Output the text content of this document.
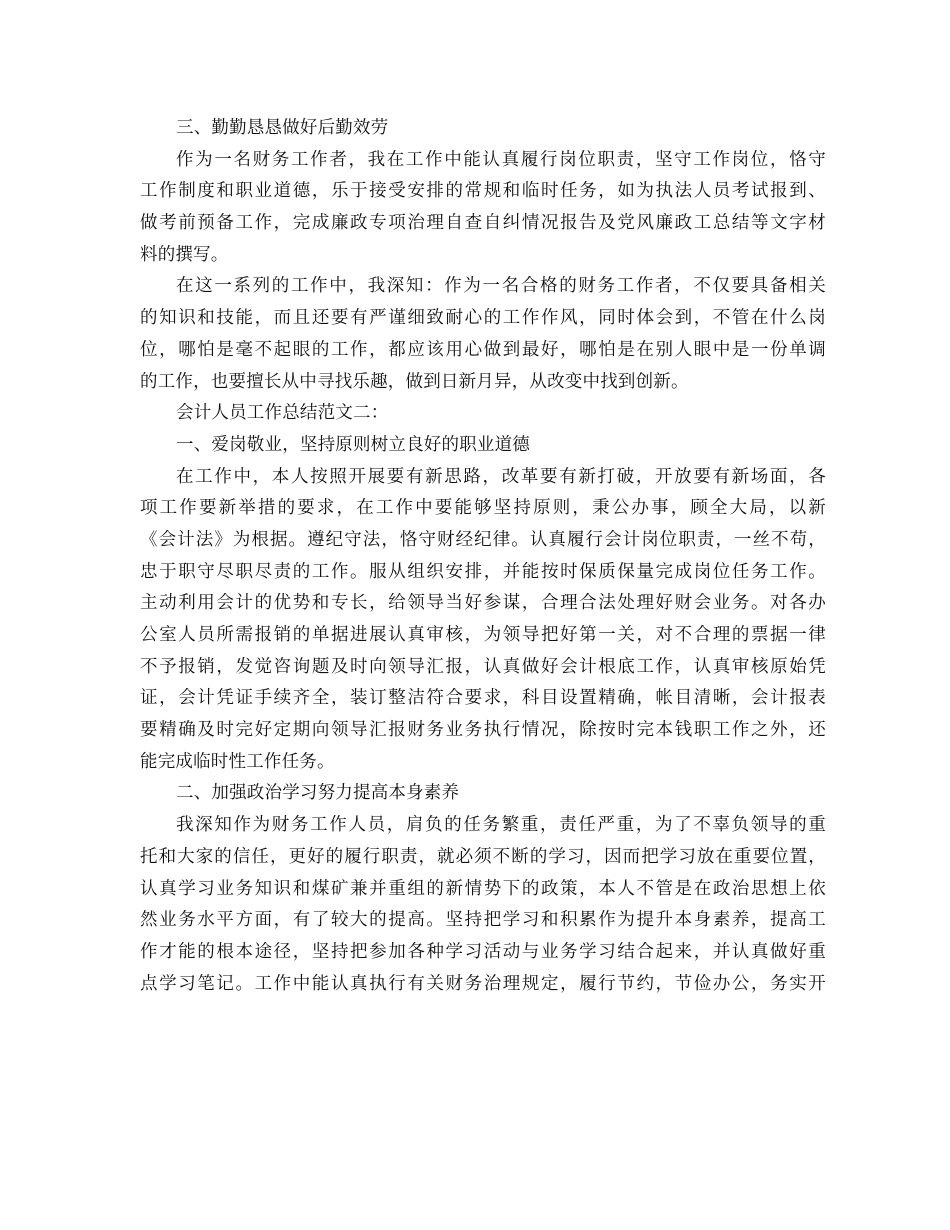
三、勤勤恳恳做好后勤效劳
作为一名财务工作者，我在工作中能认真履行岗位职责，坚守工作岗位，恪守
工作制度和职业道德，乐于接受安排的常规和临时任务，如为执法人员考试报到、
做考前预备工作，完成廉政专项治理自查自纠情况报告及党风廉政工总结等文字材
料的撰写。
在这一系列的工作中，我深知：作为一名合格的财务工作者，不仅要具备相关
的知识和技能，而且还要有严谨细致耐心的工作作风，同时体会到，不管在什么岗
位，哪怕是毫不起眼的工作，都应该用心做到最好，哪怕是在别人眼中是一份单调
的工作，也要擅长从中寻找乐趣，做到日新月异，从改变中找到创新。
会计人员工作总结范文二：
一、爱岗敬业，坚持原则树立良好的职业道德
在工作中，本人按照开展要有新思路，改革要有新打破，开放要有新场面，各
项工作要新举措的要求，在工作中要能够坚持原则，秉公办事，顾全大局，以新
《会计法》为根据。遵纪守法，恪守财经纪律。认真履行会计岗位职责，一丝不苟，
忠于职守尽职尽责的工作。服从组织安排，并能按时保质保量完成岗位任务工作。
主动利用会计的优势和专长，给领导当好参谋，合理合法处理好财会业务。对各办
公室人员所需报销的单据进展认真审核，为领导把好第一关，对不合理的票据一律
不予报销，发觉咨询题及时向领导汇报，认真做好会计根底工作，认真审核原始凭
证，会计凭证手续齐全，装订整洁符合要求，科目设置精确，帐目清晰，会计报表
要精确及时完好定期向领导汇报财务业务执行情况，除按时完本钱职工作之外，还
能完成临时性工作任务。
二、加强政治学习努力提高本身素养
我深知作为财务工作人员，肩负的任务繁重，责任严重，为了不辜负领导的重
托和大家的信任，更好的履行职责，就必须不断的学习，因而把学习放在重要位置，
认真学习业务知识和煤矿兼并重组的新情势下的政策，本人不管是在政治思想上依
然业务水平方面，有了较大的提高。坚持把学习和积累作为提升本身素养，提高工
作才能的根本途径，坚持把参加各种学习活动与业务学习结合起来，并认真做好重
点学习笔记。工作中能认真执行有关财务治理规定，履行节约，节俭办公，务实开
